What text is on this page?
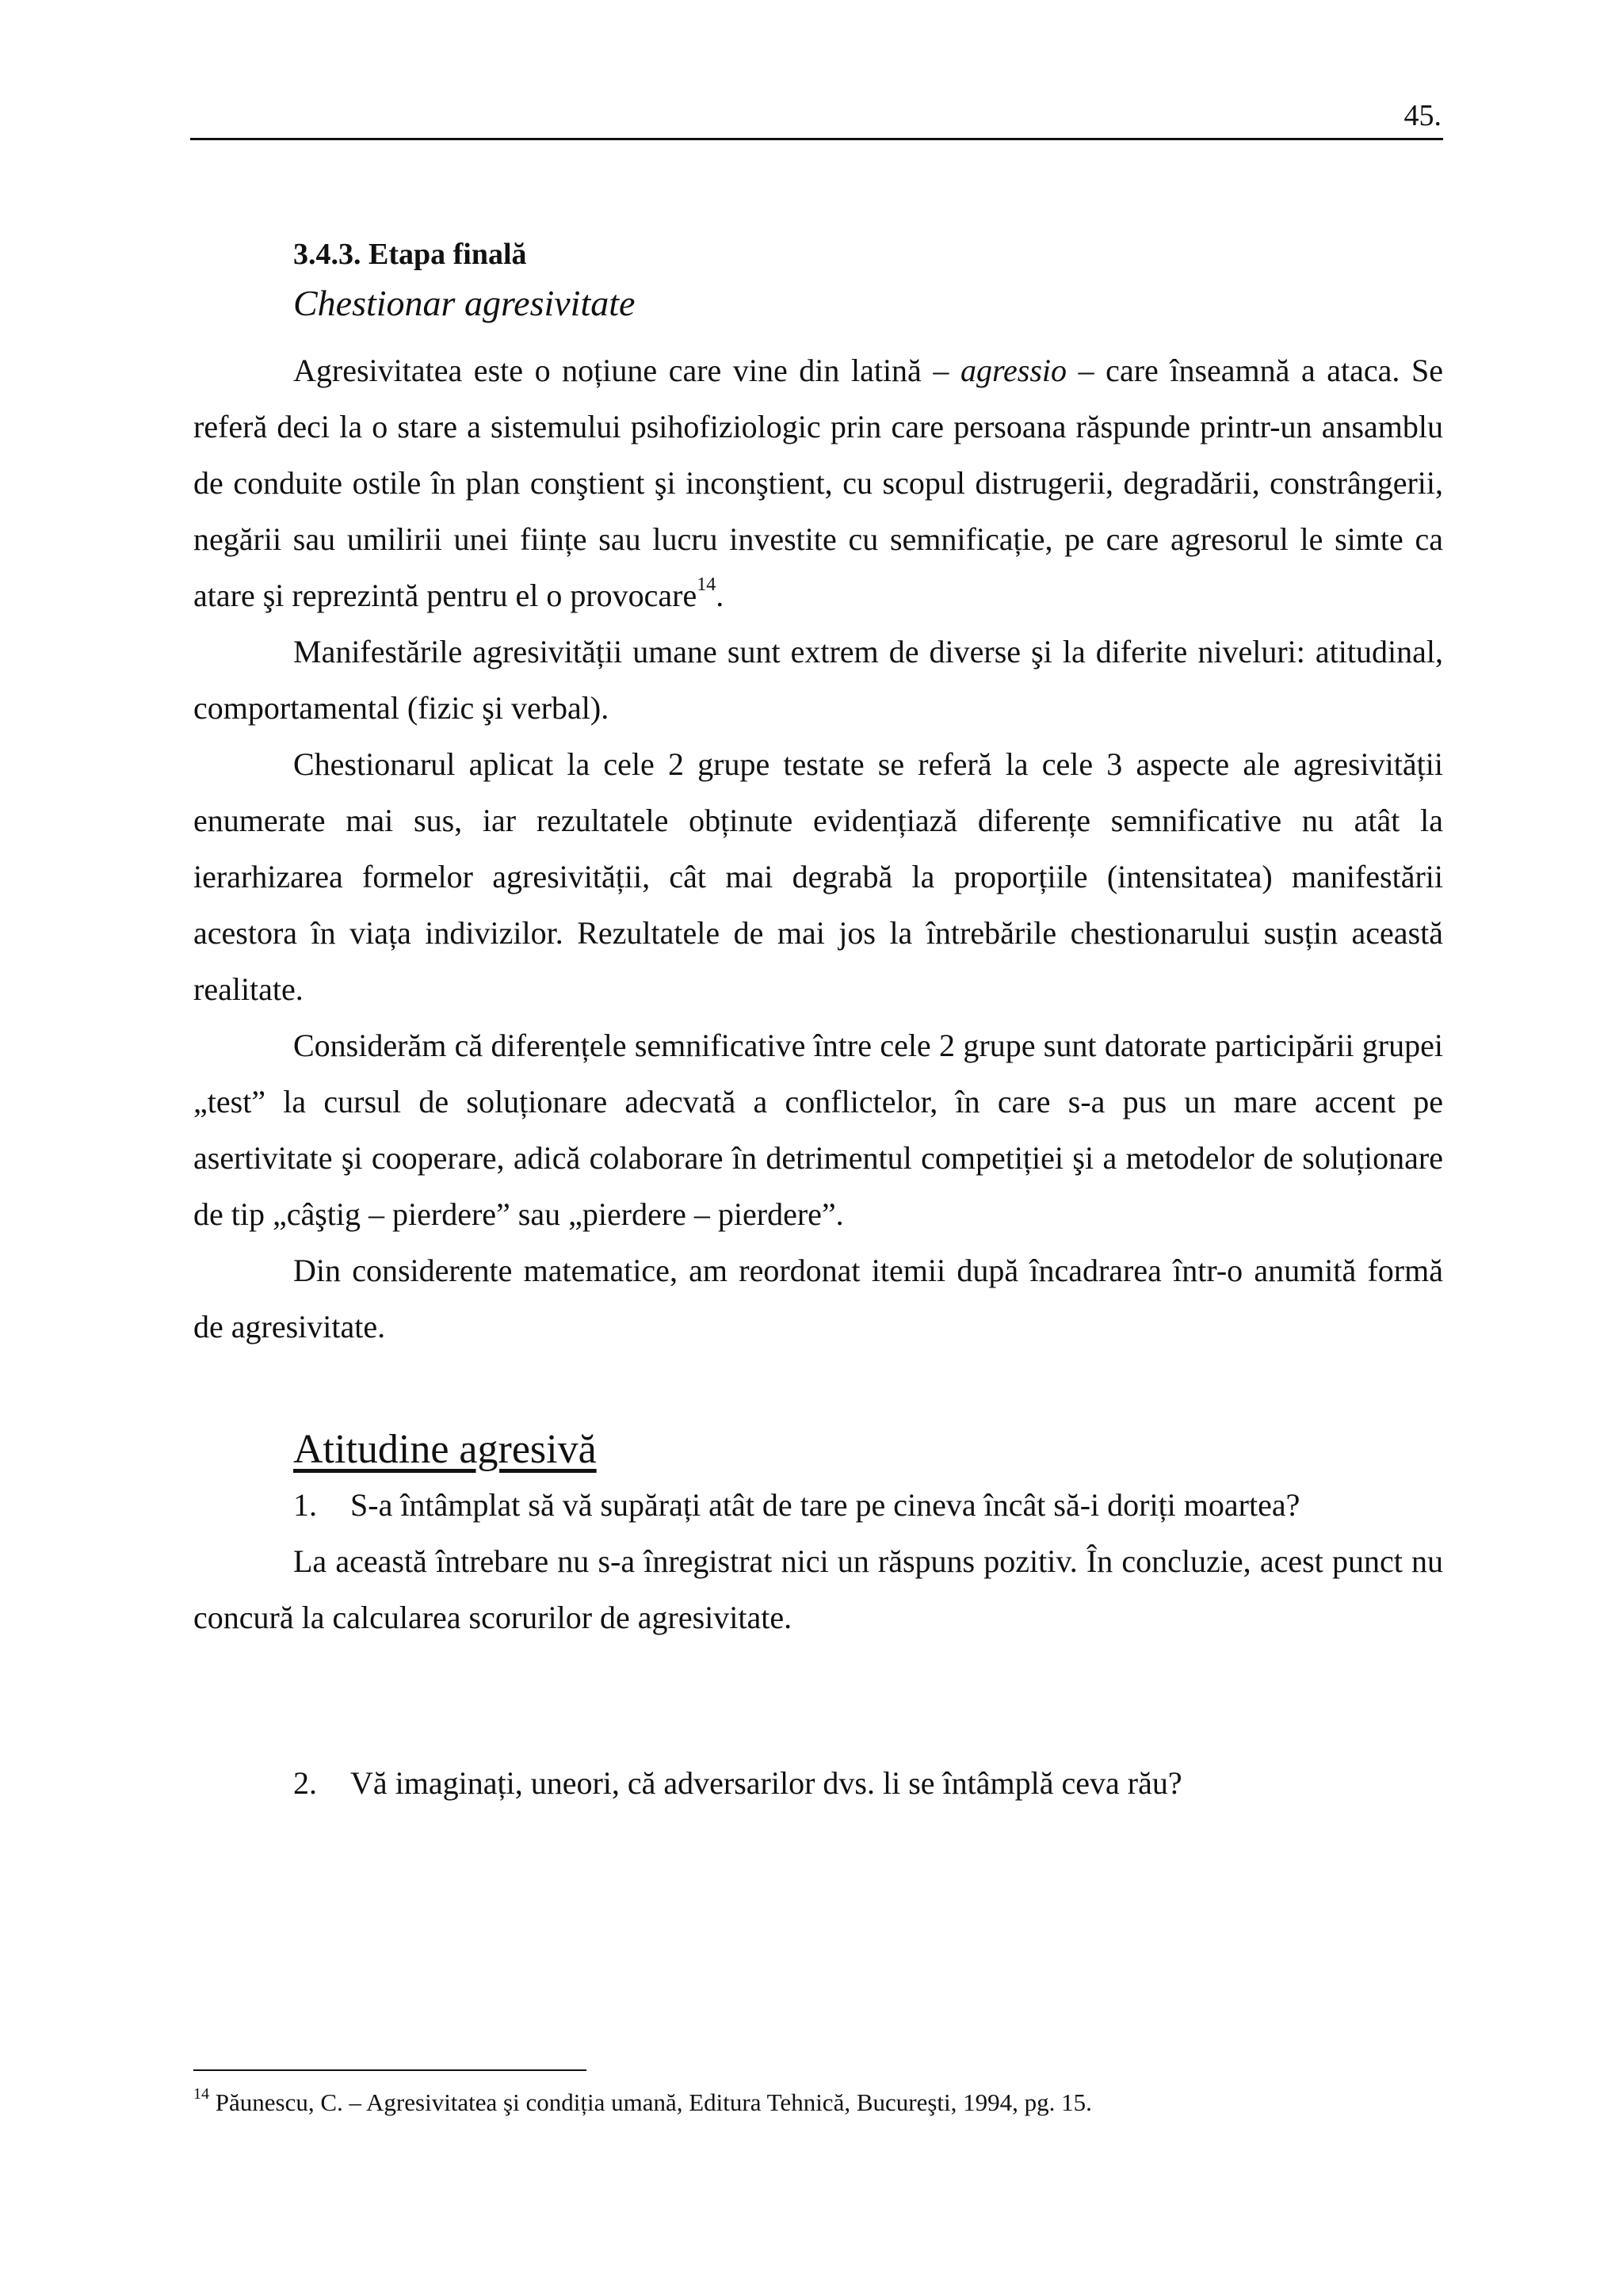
45.

3.4.3. Etapa finală

Chestionar agresivitate

Agresivitatea este o noțiune care vine din latină – agressio – care înseamnă a ataca. Se referă deci la o stare a sistemului psihofiziologic prin care persoana răspunde printr-un ansamblu de conduite ostile în plan conştient şi inconştient, cu scopul distrugerii, degradării, constrângerii, negării sau umilirii unei ființe sau lucru investite cu semnificație, pe care agresorul le simte ca atare şi reprezintă pentru el o provocare$^{14}$.

Manifestările agresivității umane sunt extrem de diverse şi la diferite niveluri: atitudinal, comportamental (fizic şi verbal).

Chestionarul aplicat la cele 2 grupe testate se referă la cele 3 aspecte ale agresivității enumerate mai sus, iar rezultatele obținute evidențiază diferențe semnificative nu atât la ierarhizarea formelor agresivității, cât mai degrabă la proporțiile (intensitatea) manifestării acestora în viața indivizilor. Rezultatele de mai jos la întrebările chestionarului susțin această realitate.

Considerăm că diferențele semnificative între cele 2 grupe sunt datorate participării grupei „test” la cursul de soluționare adecvată a conflictelor, în care s-a pus un mare accent pe asertivitate şi cooperare, adică colaborare în detrimentul competiției şi a metodelor de soluționare de tip „câştig – pierdere” sau „pierdere – pierdere”.

Din considerente matematice, am reordonat itemii după încadrarea într-o anumită formă de agresivitate.

Atitudine agresivă

1. S-a întâmplat să vă supărați atât de tare pe cineva încât să-i doriți moartea?

La această întrebare nu s-a înregistrat nici un răspuns pozitiv. În concluzie, acest punct nu concură la calcularea scorurilor de agresivitate.

2. Vă imaginați, uneori, că adversarilor dvs. li se întâmplă ceva rău?

$^{14}$ Păunescu, C. – Agresivitatea şi condiția umană, Editura Tehnică, Bucureşti, 1994, pg. 15.
